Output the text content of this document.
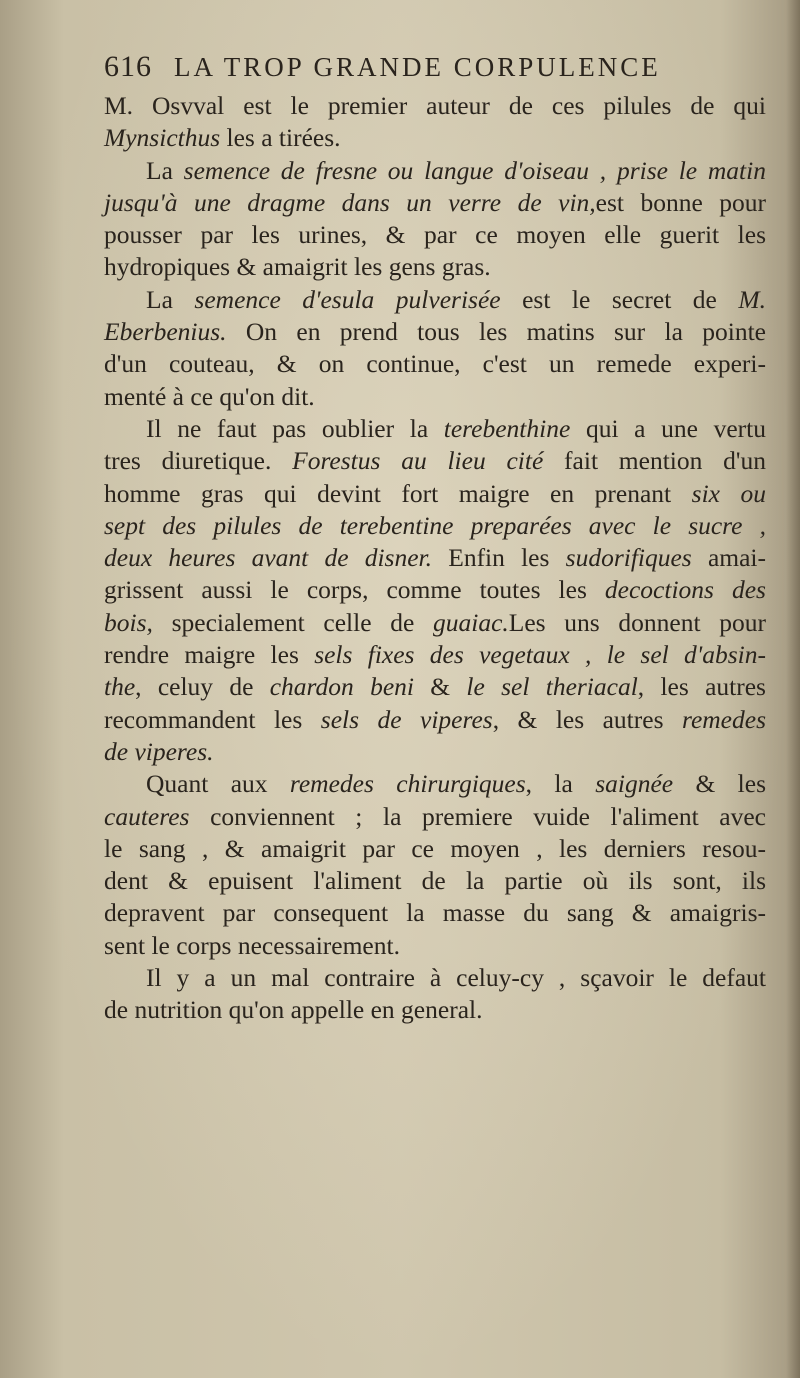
616 LA TROP GRANDE CORPULENCE
M. Osvval est le premier auteur de ces pilules de qui
Mynsicthus les a tirées.
La semence de fresne ou langue d'oiseau , prise le matin
jusqu'à une dragme dans un verre de vin,est bonne pour
pousser par les urines, & par ce moyen elle guerit les
hydropiques & amaigrit les gens gras.
La semence d'esula pulverisée est le secret de M.
Eberbenius. On en prend tous les matins sur la pointe
d'un couteau, & on continue, c'est un remede experi-
menté à ce qu'on dit.
Il ne faut pas oublier la terebenthine qui a une vertu
tres diuretique. Forestus au lieu cité fait mention d'un
homme gras qui devint fort maigre en prenant six ou
sept des pilules de terebentine preparées avec le sucre ,
deux heures avant de disner. Enfin les sudorifiques amai-
grissent aussi le corps, comme toutes les decoctions des
bois, specialement celle de guaiac.Les uns donnent pour
rendre maigre les sels fixes des vegetaux , le sel d'absin-
the, celuy de chardon beni & le sel theriacal, les autres
recommandent les sels de viperes, & les autres remedes
de viperes.
Quant aux remedes chirurgiques, la saignée & les
cauteres conviennent ; la premiere vuide l'aliment avec
le sang , & amaigrit par ce moyen , les derniers resou-
dent & epuisent l'aliment de la partie où ils sont, ils
depravent par consequent la masse du sang & amaigris-
sent le corps necessairement.
Il y a un mal contraire à celuy-cy , sçavoir le defaut
de nutrition qu'on appelle en general.
